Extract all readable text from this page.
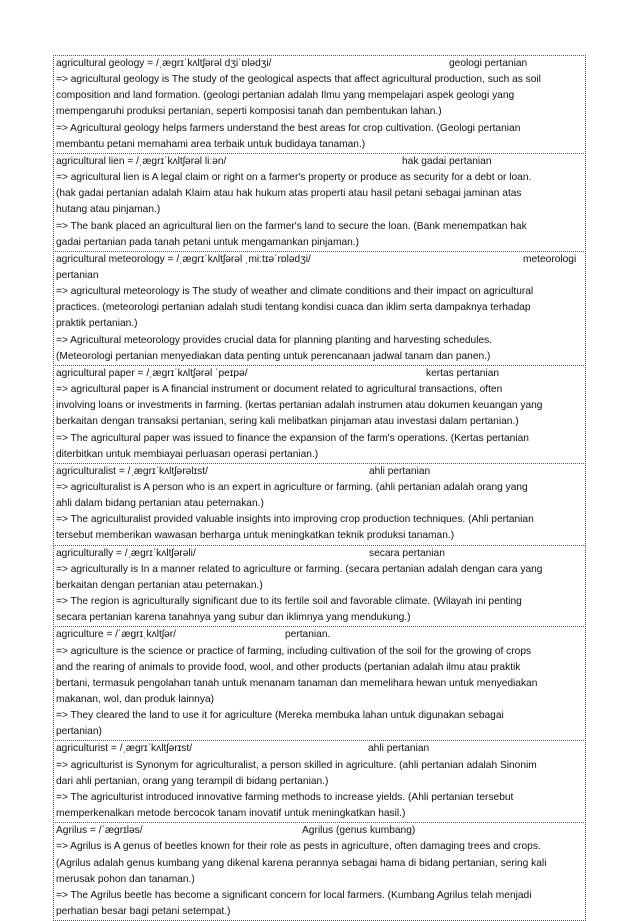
agricultural geology = /ˌæɡrɪˈkʌltʃərəl dʒiˈɒlədʒi/	geologi pertanian
=> agricultural geology is The study of the geological aspects that affect agricultural production, such as soil
composition and land formation. (geologi pertanian adalah Ilmu yang mempelajari aspek geologi yang
mempengaruhi produksi pertanian, seperti komposisi tanah dan pembentukan lahan.)
=> Agricultural geology helps farmers understand the best areas for crop cultivation. (Geologi pertanian
membantu petani memahami area terbaik untuk budidaya tanaman.)
agricultural lien = /ˌæɡrɪˈkʌltʃərəl liːən/	hak gadai pertanian
=> agricultural lien is A legal claim or right on a farmer's property or produce as security for a debt or loan.
(hak gadai pertanian adalah Klaim atau hak hukum atas properti atau hasil petani sebagai jaminan atas
hutang atau pinjaman.)
=> The bank placed an agricultural lien on the farmer's land to secure the loan. (Bank menempatkan hak
gadai pertanian pada tanah petani untuk mengamankan pinjaman.)
agricultural meteorology = /ˌæɡrɪˈkʌltʃərəl ˌmiːtɪəˈrɒlədʒi/	meteorologi
pertanian
=> agricultural meteorology is The study of weather and climate conditions and their impact on agricultural
practices. (meteorologi pertanian adalah studi tentang kondisi cuaca dan iklim serta dampaknya terhadap
praktik pertanian.)
=> Agricultural meteorology provides crucial data for planning planting and harvesting schedules.
(Meteorologi pertanian menyediakan data penting untuk perencanaan jadwal tanam dan panen.)
agricultural paper = /ˌæɡrɪˈkʌltʃərəl ˈpeɪpə/	kertas pertanian
=> agricultural paper is A financial instrument or document related to agricultural transactions, often
involving loans or investments in farming. (kertas pertanian adalah instrumen atau dokumen keuangan yang
berkaitan dengan transaksi pertanian, sering kali melibatkan pinjaman atau investasi dalam pertanian.)
=> The agricultural paper was issued to finance the expansion of the farm's operations. (Kertas pertanian
diterbitkan untuk membiayai perluasan operasi pertanian.)
agriculturalist = /ˌæɡrɪˈkʌltʃərəlɪst/	ahli pertanian
=> agriculturalist is A person who is an expert in agriculture or farming. (ahli pertanian adalah orang yang
ahli dalam bidang pertanian atau peternakan.)
=> The agriculturalist provided valuable insights into improving crop production techniques. (Ahli pertanian
tersebut memberikan wawasan berharga untuk meningkatkan teknik produksi tanaman.)
agriculturally = /ˌæɡrɪˈkʌltʃərəli/	secara pertanian
=> agriculturally is In a manner related to agriculture or farming. (secara pertanian adalah dengan cara yang
berkaitan dengan pertanian atau peternakan.)
=> The region is agriculturally significant due to its fertile soil and favorable climate. (Wilayah ini penting
secara pertanian karena tanahnya yang subur dan iklimnya yang mendukung.)
agriculture = /ˈæɡrɪˌkʌltʃər/	pertanian.
=> agriculture is the science or practice of farming, including cultivation of the soil for the growing of crops
and the rearing of animals to provide food, wool, and other products (pertanian adalah ilmu atau praktik
bertani, termasuk pengolahan tanah untuk menanam tanaman dan memelihara hewan untuk menyediakan
makanan, wol, dan produk lainnya)
=> They cleared the land to use it for agriculture (Mereka membuka lahan untuk digunakan sebagai
pertanian)
agriculturist = /ˌæɡrɪˈkʌltʃərɪst/	ahli pertanian
=> agriculturist is Synonym for agriculturalist, a person skilled in agriculture. (ahli pertanian adalah Sinonim
dari ahli pertanian, orang yang terampil di bidang pertanian.)
=> The agriculturist introduced innovative farming methods to increase yields. (Ahli pertanian tersebut
memperkenalkan metode bercocok tanam inovatif untuk meningkatkan hasil.)
Agrilus = /ˈæɡrɪləs/	Agrilus (genus kumbang)
=> Agrilus is A genus of beetles known for their role as pests in agriculture, often damaging trees and crops.
(Agrilus adalah genus kumbang yang dikenal karena perannya sebagai hama di bidang pertanian, sering kali
merusak pohon dan tanaman.)
=> The Agrilus beetle has become a significant concern for local farmers. (Kumbang Agrilus telah menjadi
perhatian besar bagi petani setempat.)
